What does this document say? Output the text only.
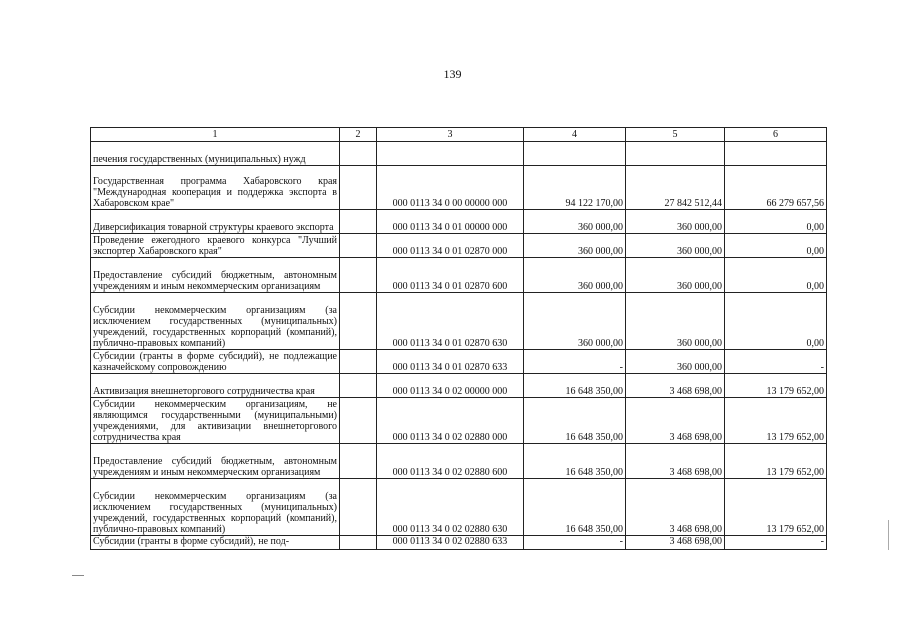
139
1	2	3	4	5	6
печения государственных (муниципальных) нужд					
Государственная программа Хабаровского края "Международная кооперация и поддержка экспорта в Хабаровском крае"		000 0113 34 0 00 00000 000	94 122 170,00	27 842 512,44	66 279 657,56
Диверсификация товарной структуры краевого экспорта		000 0113 34 0 01 00000 000	360 000,00	360 000,00	0,00
Проведение ежегодного краевого конкурса "Лучший экспортер Хабаровского края"		000 0113 34 0 01 02870 000	360 000,00	360 000,00	0,00
Предоставление субсидий бюджетным, автономным учреждениям и иным некоммерческим организациям		000 0113 34 0 01 02870 600	360 000,00	360 000,00	0,00
Субсидии некоммерческим организациям (за исключением государственных (муниципальных) учреждений, государственных корпораций (компаний), публично-правовых компаний)		000 0113 34 0 01 02870 630	360 000,00	360 000,00	0,00
Субсидии (гранты в форме субсидий), не подлежащие казначейскому сопровождению		000 0113 34 0 01 02870 633	-	360 000,00	-
Активизация внешнеторгового сотрудничества края		000 0113 34 0 02 00000 000	16 648 350,00	3 468 698,00	13 179 652,00
Субсидии некоммерческим организациям, не являющимся государственными (муниципальными) учреждениями, для активизации внешнеторгового сотрудничества края		000 0113 34 0 02 02880 000	16 648 350,00	3 468 698,00	13 179 652,00
Предоставление субсидий бюджетным, автономным учреждениям и иным некоммерческим организациям		000 0113 34 0 02 02880 600	16 648 350,00	3 468 698,00	13 179 652,00
Субсидии некоммерческим организациям (за исключением государственных (муниципальных) учреждений, государственных корпораций (компаний), публично-правовых компаний)		000 0113 34 0 02 02880 630	16 648 350,00	3 468 698,00	13 179 652,00
Субсидии (гранты в форме субсидий), не под-		000 0113 34 0 02 02880 633	-	3 468 698,00	-
